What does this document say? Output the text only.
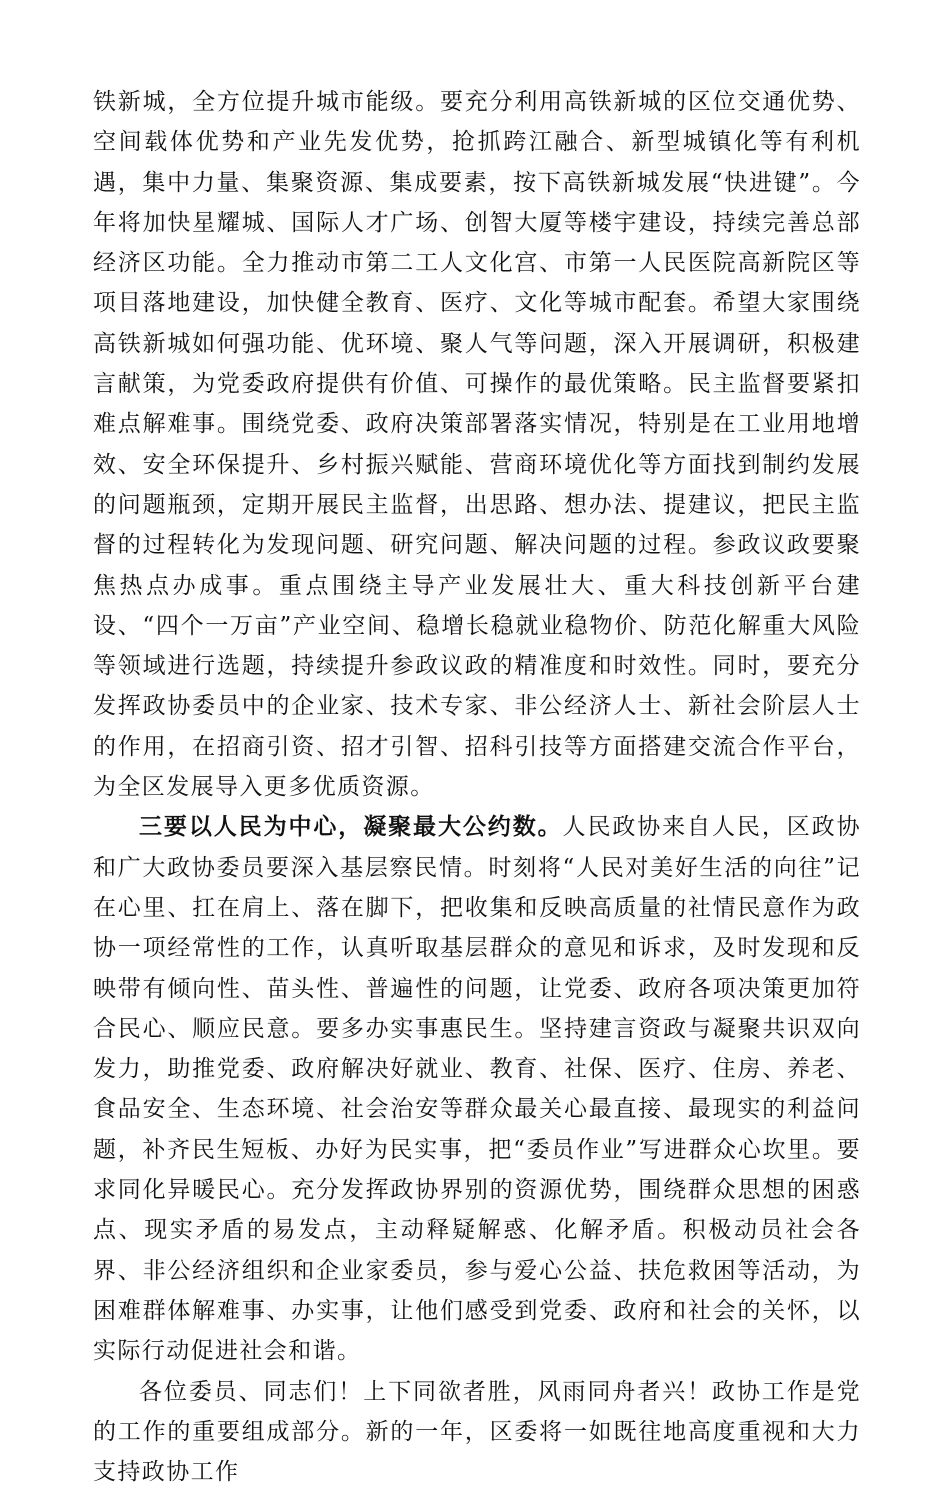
铁新城，全方位提升城市能级。要充分利用高铁新城的区位交通优势、空间载体优势和产业先发优势，抢抓跨江融合、新型城镇化等有利机遇，集中力量、集聚资源、集成要素，按下高铁新城发展“快进键”。今年将加快星耀城、国际人才广场、创智大厦等楼宇建设，持续完善总部经济区功能。全力推动市第二工人文化宫、市第一人民医院高新院区等项目落地建设，加快健全教育、医疗、文化等城市配套。希望大家围绕高铁新城如何强功能、优环境、聚人气等问题，深入开展调研，积极建言献策，为党委政府提供有价值、可操作的最优策略。民主监督要紧扣难点解难事。围绕党委、政府决策部署落实情况，特别是在工业用地增效、安全环保提升、乡村振兴赋能、营商环境优化等方面找到制约发展的问题瓶颈，定期开展民主监督，出思路、想办法、提建议，把民主监督的过程转化为发现问题、研究问题、解决问题的过程。参政议政要聚焦热点办成事。重点围绕主导产业发展壮大、重大科技创新平台建设、“四个一万亩”产业空间、稳增长稳就业稳物价、防范化解重大风险等领域进行选题，持续提升参政议政的精准度和时效性。同时，要充分发挥政协委员中的企业家、技术专家、非公经济人士、新社会阶层人士的作用，在招商引资、招才引智、招科引技等方面搭建交流合作平台，为全区发展导入更多优质资源。

三要以人民为中心，凝聚最大公约数。人民政协来自人民，区政协和广大政协委员要深入基层察民情。时刻将“人民对美好生活的向往”记在心里、扛在肩上、落在脚下，把收集和反映高质量的社情民意作为政协一项经常性的工作，认真听取基层群众的意见和诉求，及时发现和反映带有倾向性、苗头性、普遍性的问题，让党委、政府各项决策更加符合民心、顺应民意。要多办实事惠民生。坚持建言资政与凝聚共识双向发力，助推党委、政府解决好就业、教育、社保、医疗、住房、养老、食品安全、生态环境、社会治安等群众最关心最直接、最现实的利益问题，补齐民生短板、办好为民实事，把“委员作业”写进群众心坎里。要求同化异暖民心。充分发挥政协界别的资源优势，围绕群众思想的困惑点、现实矛盾的易发点，主动释疑解惑、化解矛盾。积极动员社会各界、非公经济组织和企业家委员，参与爱心公益、扶危救困等活动，为困难群体解难事、办实事，让他们感受到党委、政府和社会的关怀，以实际行动促进社会和谐。

各位委员、同志们！上下同欲者胜，风雨同舟者兴！政协工作是党的工作的重要组成部分。新的一年，区委将一如既往地高度重视和大力支持政协工作
